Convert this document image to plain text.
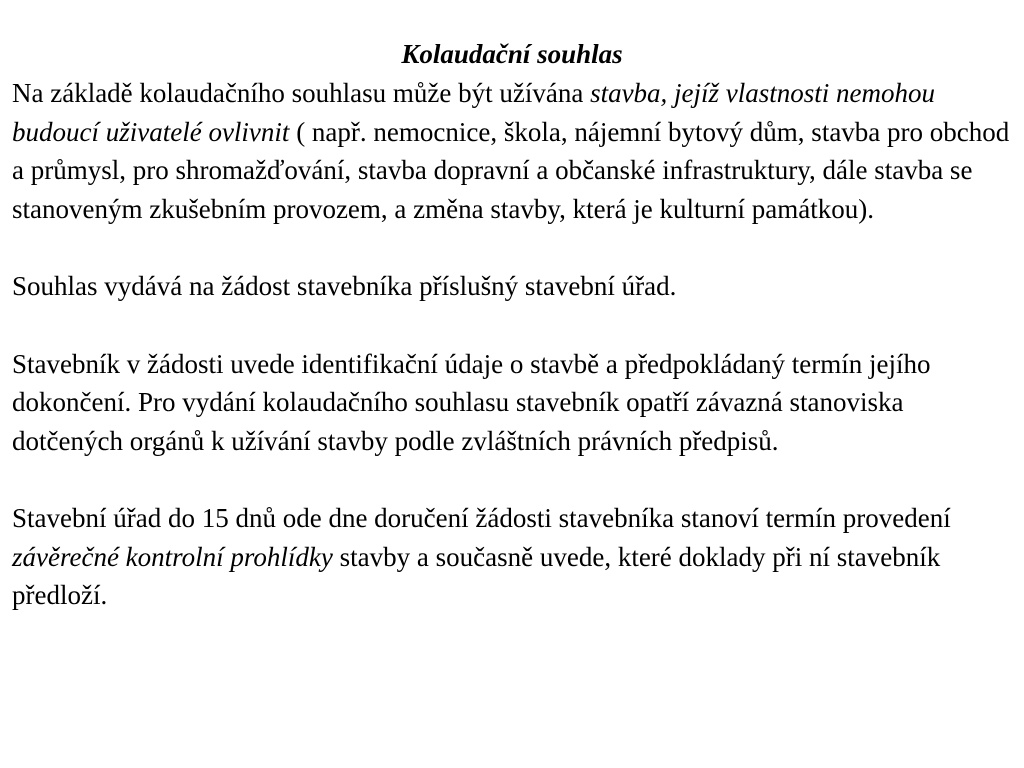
Kolaudační souhlas

Na základě kolaudačního souhlasu může být užívána stavba, jejíž vlastnosti nemohou budoucí uživatelé ovlivnit ( např. nemocnice, škola, nájemní bytový dům, stavba pro obchod a průmysl, pro shromažďování, stavba dopravní a občanské infrastruktury, dále stavba se stanoveným zkušebním provozem, a změna stavby, která je kulturní památkou).

Souhlas vydává na žádost stavebníka příslušný stavební úřad.

Stavebník v žádosti uvede identifikační údaje o stavbě a předpokládaný termín jejího dokončení. Pro vydání kolaudačního souhlasu stavebník opatří závazná stanoviska dotčených orgánů k užívání stavby podle zvláštních právních předpisů.

Stavební úřad do 15 dnů ode dne doručení žádosti stavebníka stanoví termín provedení závěrečné kontrolní prohlídky stavby a současně uvede, které doklady při ní stavebník předloží.
